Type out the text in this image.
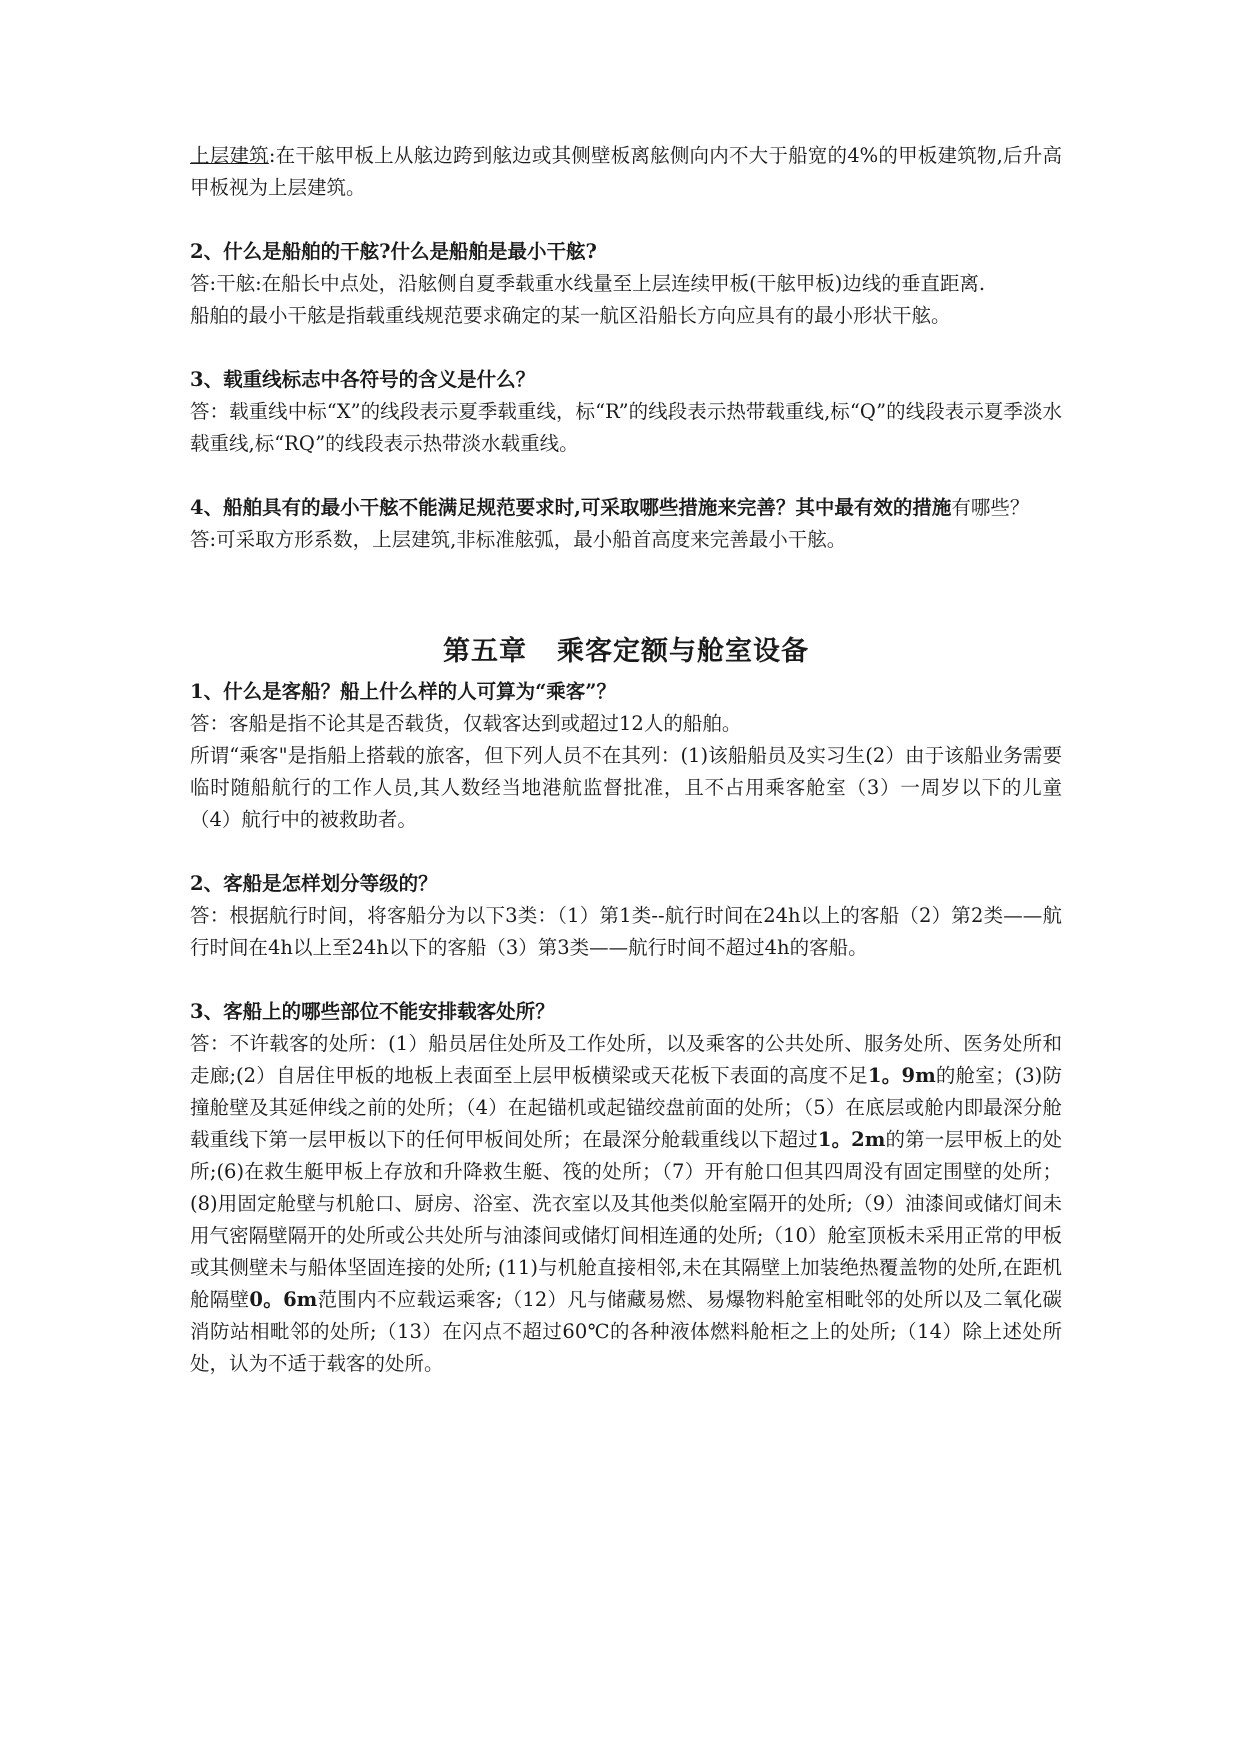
上层建筑:在干舷甲板上从舷边跨到舷边或其侧壁板离舷侧向内不大于船宽的4%的甲板建筑物,后升高甲板视为上层建筑。

2、什么是船舶的干舷?什么是船舶是最小干舷?

答:干舷:在船长中点处，沿舷侧自夏季载重水线量至上层连续甲板(干舷甲板)边线的垂直距离.

船舶的最小干舷是指载重线规范要求确定的某一航区沿船长方向应具有的最小形状干舷。

3、载重线标志中各符号的含义是什么？

答：载重线中标“X”的线段表示夏季载重线，标“R”的线段表示热带载重线,标“Q”的线段表示夏季淡水载重线,标“RQ”的线段表示热带淡水载重线。

4、船舶具有的最小干舷不能满足规范要求时,可采取哪些措施来完善？其中最有效的措施有哪些？

答:可采取方形系数，上层建筑,非标准舷弧，最小船首高度来完善最小干舷。

第五章 乘客定额与舱室设备

1、什么是客船？船上什么样的人可算为“乘客”？

答：客船是指不论其是否载货，仅载客达到或超过12人的船舶。

所谓“乘客"是指船上搭载的旅客，但下列人员不在其列：(1)该船船员及实习生(2）由于该船业务需要临时随船航行的工作人员,其人数经当地港航监督批准，且不占用乘客舱室（3）一周岁以下的儿童（4）航行中的被救助者。

2、客船是怎样划分等级的？

答：根据航行时间，将客船分为以下3类：（1）第1类--航行时间在24h以上的客船（2）第2类——航行时间在4h以上至24h以下的客船（3）第3类——航行时间不超过4h的客船。

3、客船上的哪些部位不能安排载客处所？

答：不许载客的处所：(1）船员居住处所及工作处所，以及乘客的公共处所、服务处所、医务处所和走廊;(2）自居住甲板的地板上表面至上层甲板横梁或天花板下表面的高度不足1。9m的舱室；(3)防撞舱壁及其延伸线之前的处所；（4）在起锚机或起锚绞盘前面的处所；（5）在底层或舱内即最深分舱载重线下第一层甲板以下的任何甲板间处所；在最深分舱载重线以下超过1。2m的第一层甲板上的处所;(6)在救生艇甲板上存放和升降救生艇、筏的处所；（7）开有舱口但其四周没有固定围壁的处所；(8)用固定舱壁与机舱口、厨房、浴室、洗衣室以及其他类似舱室隔开的处所;（9）油漆间或储灯间未用气密隔壁隔开的处所或公共处所与油漆间或储灯间相连通的处所;（10）舱室顶板未采用正常的甲板或其侧壁未与船体坚固连接的处所; (11)与机舱直接相邻,未在其隔壁上加装绝热覆盖物的处所,在距机舱隔壁0。6m范围内不应载运乘客;（12）凡与储藏易燃、易爆物料舱室相毗邻的处所以及二氧化碳消防站相毗邻的处所;（13）在闪点不超过60℃的各种液体燃料舱柜之上的处所;（14）除上述处所处，认为不适于载客的处所。
